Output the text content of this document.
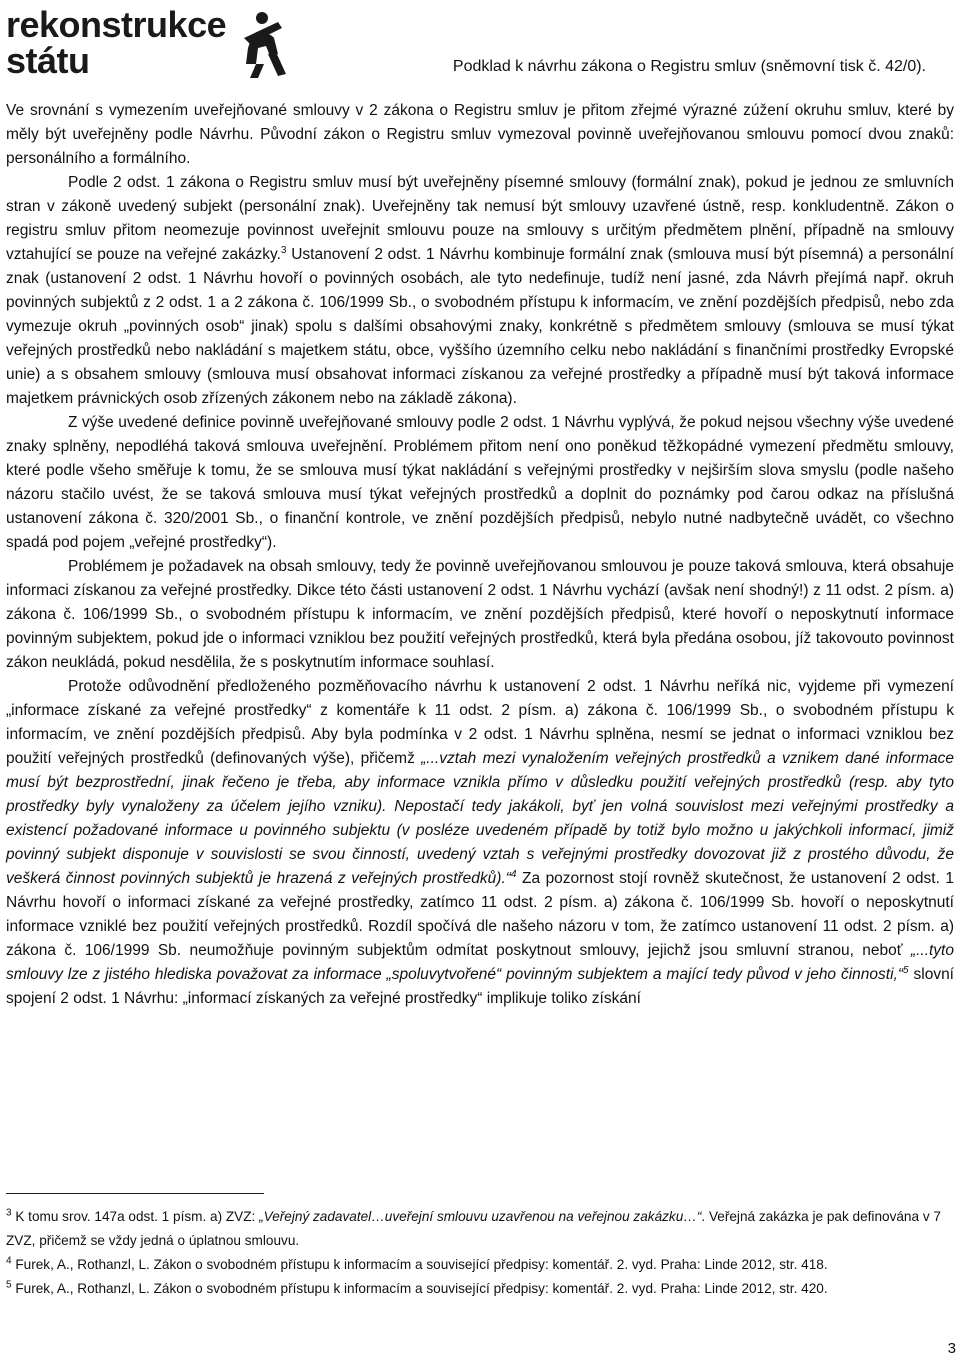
rekonstrukce
státu	Podklad k návrhu zákona o Registru smluv (sněmovní tisk č. 42/0).

Ve srovnání s vymezením uveřejňované smlouvy v 2 zákona o Registru smluv je přitom zřejmé výrazné zúžení okruhu smluv, které by měly být uveřejněny podle Návrhu. Původní zákon o Registru smluv vymezoval povinně uveřejňovanou smlouvu pomocí dvou znaků: personálního a formálního.

Podle 2 odst. 1 zákona o Registru smluv musí být uveřejněny písemné smlouvy (formální znak), pokud je jednou ze smluvních stran v zákoně uvedený subjekt (personální znak). Uveřejněny tak nemusí být smlouvy uzavřené ústně, resp. konkludentně. Zákon o registru smluv přitom neomezuje povinnost uveřejnit smlouvu pouze na smlouvy s určitým předmětem plnění, případně na smlouvy vztahující se pouze na veřejné zakázky.$^3$ Ustanovení 2 odst. 1 Návrhu kombinuje formální znak (smlouva musí být písemná) a personální znak (ustanovení 2 odst. 1 Návrhu hovoří o povinných osobách, ale tyto nedefinuje, tudíž není jasné, zda Návrh přejímá např. okruh povinných subjektů z 2 odst. 1 a 2 zákona č. 106/1999 Sb., o svobodném přístupu k informacím, ve znění pozdějších předpisů, nebo zda vymezuje okruh „povinných osob“ jinak) spolu s dalšími obsahovými znaky, konkrétně s předmětem smlouvy (smlouva se musí týkat veřejných prostředků nebo nakládání s majetkem státu, obce, vyššího územního celku nebo nakládání s finančními prostředky Evropské unie) a s obsahem smlouvy (smlouva musí obsahovat informaci získanou za veřejné prostředky a případně musí být taková informace majetkem právnických osob zřízených zákonem nebo na základě zákona).

Z výše uvedené definice povinně uveřejňované smlouvy podle 2 odst. 1 Návrhu vyplývá, že pokud nejsou všechny výše uvedené znaky splněny, nepodléhá taková smlouva uveřejnění. Problémem přitom není ono poněkud těžkopádné vymezení předmětu smlouvy, které podle všeho směřuje k tomu, že se smlouva musí týkat nakládání s veřejnými prostředky v nejširším slova smyslu (podle našeho názoru stačilo uvést, že se taková smlouva musí týkat veřejných prostředků a doplnit do poznámky pod čarou odkaz na příslušná ustanovení zákona č. 320/2001 Sb., o finanční kontrole, ve znění pozdějších předpisů, nebylo nutné nadbytečně uvádět, co všechno spadá pod pojem „veřejné prostředky“).

Problémem je požadavek na obsah smlouvy, tedy že povinně uveřejňovanou smlouvou je pouze taková smlouva, která obsahuje informaci získanou za veřejné prostředky. Dikce této části ustanovení 2 odst. 1 Návrhu vychází (avšak není shodný!) z 11 odst. 2 písm. a) zákona č. 106/1999 Sb., o svobodném přístupu k informacím, ve znění pozdějších předpisů, které hovoří o neposkytnutí informace povinným subjektem, pokud jde o informaci vzniklou bez použití veřejných prostředků, která byla předána osobou, jíž takovouto povinnost zákon neukládá, pokud nesdělila, že s poskytnutím informace souhlasí.

Protože odůvodnění předloženého pozměňovacího návrhu k ustanovení 2 odst. 1 Návrhu neříká nic, vyjdeme při vymezení „informace získané za veřejné prostředky“ z komentáře k 11 odst. 2 písm. a) zákona č. 106/1999 Sb., o svobodném přístupu k informacím, ve znění pozdějších předpisů. Aby byla podmínka v 2 odst. 1 Návrhu splněna, nesmí se jednat o informaci vzniklou bez použití veřejných prostředků (definovaných výše), přičemž „...vztah mezi vynaložením veřejných prostředků a vznikem dané informace musí být bezprostřední, jinak řečeno je třeba, aby informace vznikla přímo v důsledku použití veřejných prostředků (resp. aby tyto prostředky byly vynaloženy za účelem jejího vzniku). Nepostačí tedy jakákoli, byť jen volná souvislost mezi veřejnými prostředky a existencí požadované informace u povinného subjektu (v posléze uvedeném případě by totiž bylo možno u jakýchkoli informací, jimiž povinný subjekt disponuje v souvislosti se svou činností, uvedený vztah s veřejnými prostředky dovozovat již z prostého důvodu, že veškerá činnost povinných subjektů je hrazená z veřejných prostředků).“$^4$ Za pozornost stojí rovněž skutečnost, že ustanovení 2 odst. 1 Návrhu hovoří o informaci získané za veřejné prostředky, zatímco 11 odst. 2 písm. a) zákona č. 106/1999 Sb. hovoří o neposkytnutí informace vzniklé bez použití veřejných prostředků. Rozdíl spočívá dle našeho názoru v tom, že zatímco ustanovení 11 odst. 2 písm. a) zákona č. 106/1999 Sb. neumožňuje povinným subjektům odmítat poskytnout smlouvy, jejichž jsou smluvní stranou, neboť „...tyto smlouvy lze z jistého hlediska považovat za informace „spoluvytvořené“ povinným subjektem a mající tedy původ v jeho činnosti,“$^5$ slovní spojení 2 odst. 1 Návrhu: „informací získaných za veřejné prostředky“ implikuje toliko získání

$^3$ K tomu srov. 147a odst. 1 písm. a) ZVZ: „Veřejný zadavatel…uveřejní smlouvu uzavřenou na veřejnou zakázku…“. Veřejná zakázka je pak definována v 7 ZVZ, přičemž se vždy jedná o úplatnou smlouvu.

$^4$ Furek, A., Rothanzl, L. Zákon o svobodném přístupu k informacím a související předpisy: komentář. 2. vyd. Praha: Linde 2012, str. 418.

$^5$ Furek, A., Rothanzl, L. Zákon o svobodném přístupu k informacím a související předpisy: komentář. 2. vyd. Praha: Linde 2012, str. 420.

3
